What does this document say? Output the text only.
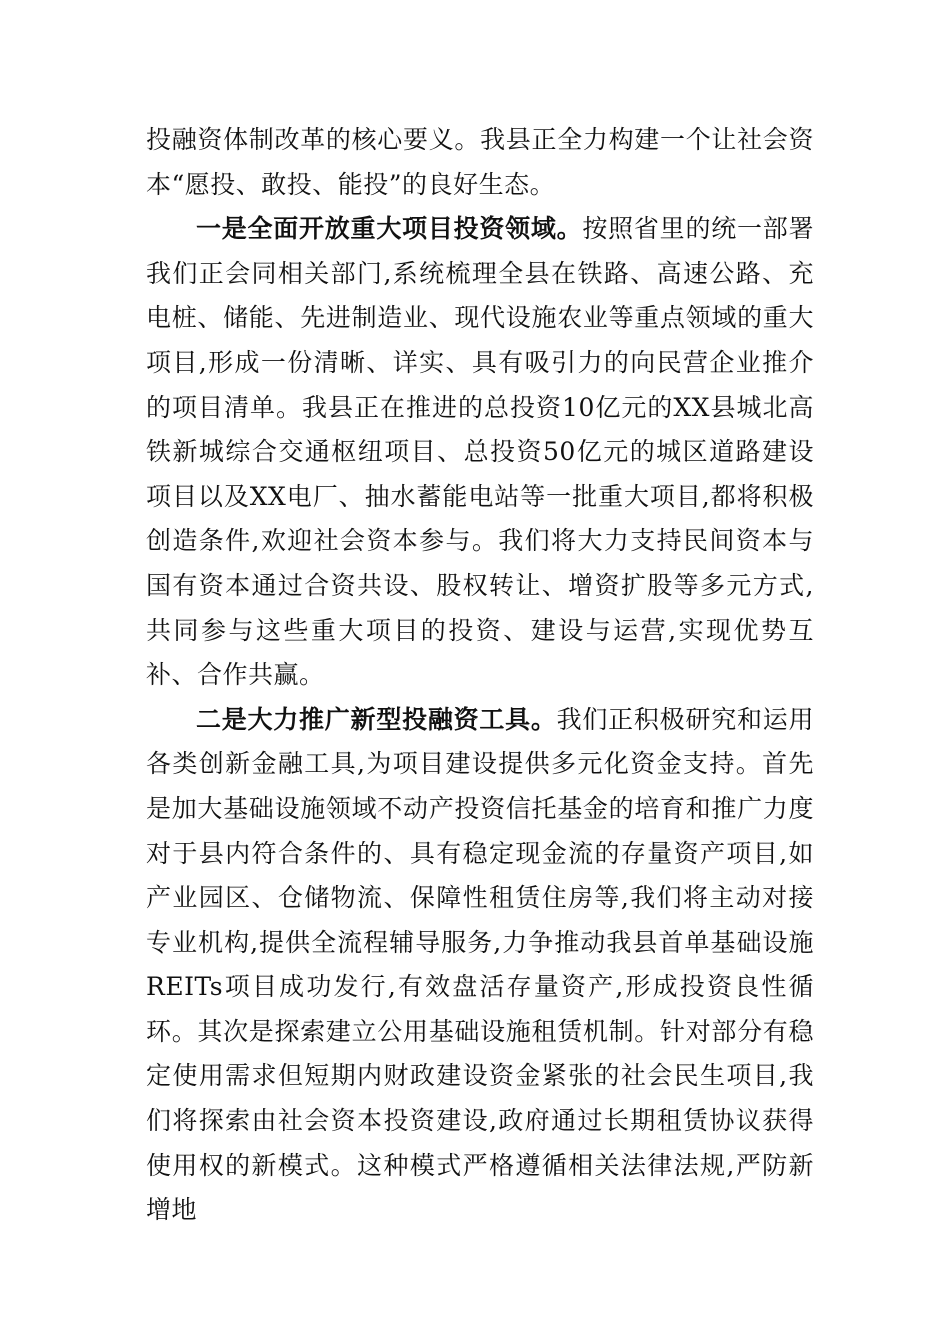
投融资体制改革的核心要义。我县正全力构建一个让社会资本“愿投、敢投、能投”的良好生态。

一是全面开放重大项目投资领域。按照省里的统一部署我们正会同相关部门,系统梳理全县在铁路、高速公路、充电桩、储能、先进制造业、现代设施农业等重点领域的重大项目,形成一份清晰、详实、具有吸引力的向民营企业推介的项目清单。我县正在推进的总投资10亿元的XX县城北高铁新城综合交通枢纽项目、总投资50亿元的城区道路建设项目以及XX电厂、抽水蓄能电站等一批重大项目,都将积极创造条件,欢迎社会资本参与。我们将大力支持民间资本与国有资本通过合资共设、股权转让、增资扩股等多元方式,共同参与这些重大项目的投资、建设与运营,实现优势互补、合作共赢。

二是大力推广新型投融资工具。我们正积极研究和运用各类创新金融工具,为项目建设提供多元化资金支持。首先是加大基础设施领域不动产投资信托基金的培育和推广力度对于县内符合条件的、具有稳定现金流的存量资产项目,如产业园区、仓储物流、保障性租赁住房等,我们将主动对接专业机构,提供全流程辅导服务,力争推动我县首单基础设施REITs项目成功发行,有效盘活存量资产,形成投资良性循环。其次是探索建立公用基础设施租赁机制。针对部分有稳定使用需求但短期内财政建设资金紧张的社会民生项目,我们将探索由社会资本投资建设,政府通过长期租赁协议获得使用权的新模式。这种模式严格遵循相关法律法规,严防新增地
